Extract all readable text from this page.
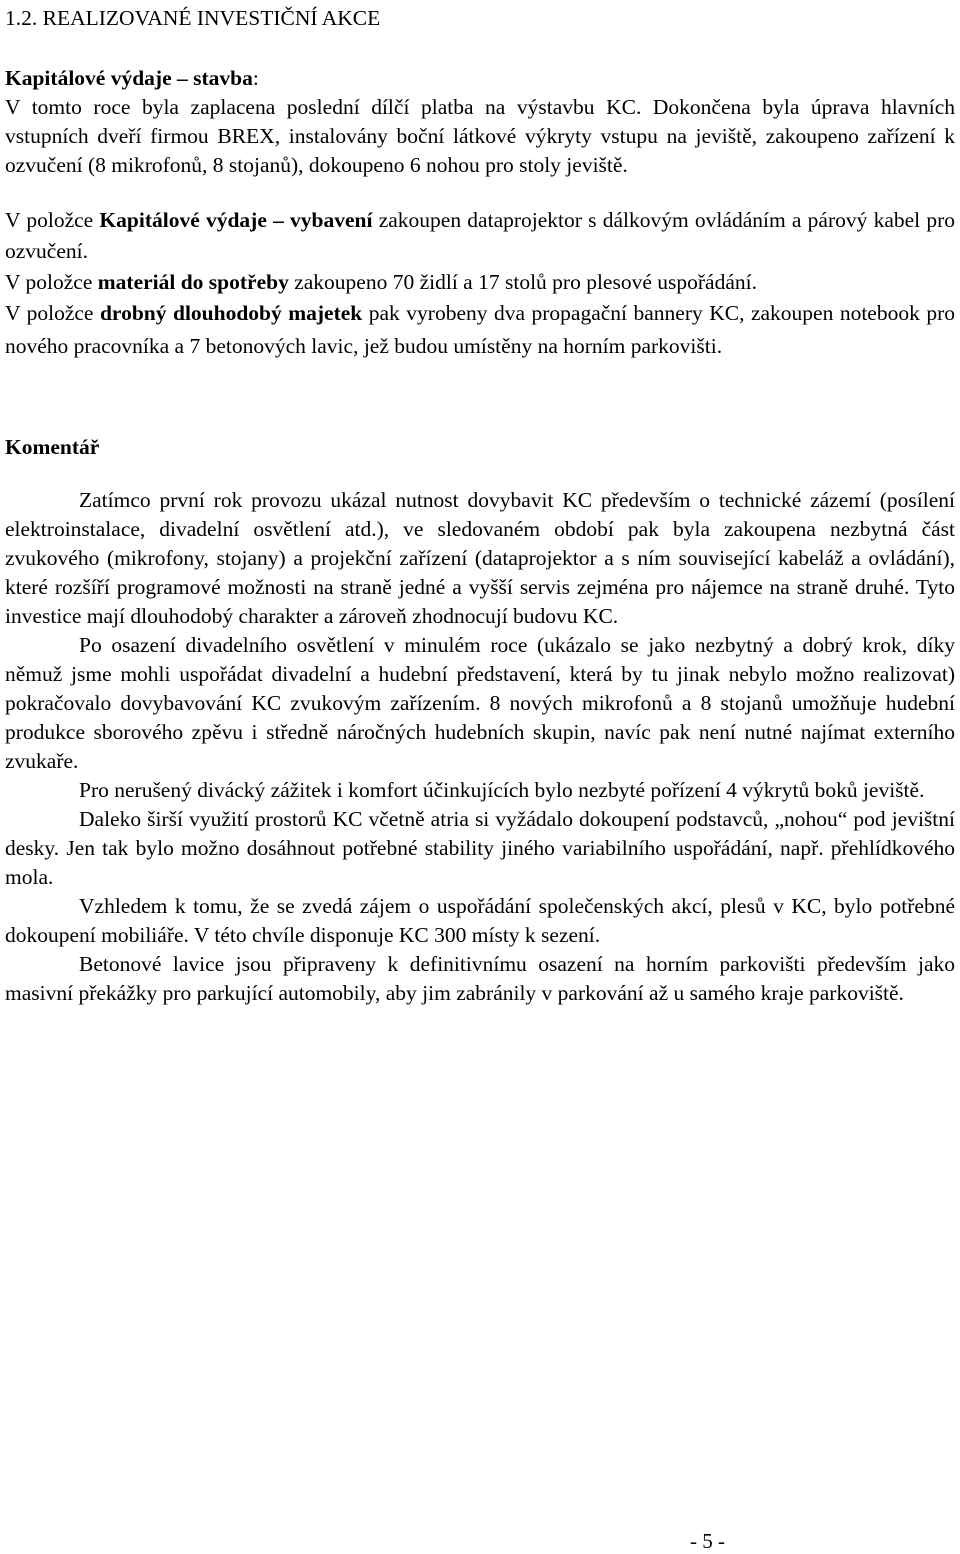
1.2. REALIZOVANÉ INVESTIČNÍ AKCE
Kapitálové výdaje – stavba:
V tomto roce byla zaplacena poslední dílčí platba na výstavbu KC. Dokončena byla úprava hlavních vstupních dveří firmou BREX, instalovány boční látkové výkryty vstupu na jeviště, zakoupeno zařízení k ozvučení (8 mikrofonů, 8 stojanů), dokoupeno 6 nohou pro stoly jeviště.
V položce Kapitálové výdaje – vybavení zakoupen dataprojektor s dálkovým ovládáním a párový kabel pro ozvučení.
V položce materiál do spotřeby zakoupeno 70 židlí a 17 stolů pro plesové uspořádání.
V položce drobný dlouhodobý majetek pak vyrobeny dva propagační bannery KC, zakoupen notebook pro nového pracovníka a 7 betonových lavic, jež budou umístěny na horním parkovišti.
Komentář

Zatímco první rok provozu ukázal nutnost dovybavit KC především o technické zázemí (posílení elektroinstalace, divadelní osvětlení atd.), ve sledovaném období pak byla zakoupena nezbytná část zvukového (mikrofony, stojany) a projekční zařízení (dataprojektor a s ním související kabeláž a ovládání), které rozšíří programové možnosti na straně jedné a vyšší servis zejména pro nájemce na straně druhé. Tyto investice mají dlouhodobý charakter a zároveň zhodnocují budovu KC.

Po osazení divadelního osvětlení v minulém roce (ukázalo se jako nezbytný a dobrý krok, díky němuž jsme mohli uspořádat divadelní a hudební představení, která by tu jinak nebylo možno realizovat) pokračovalo dovybavování KC zvukovým zařízením. 8 nových mikrofonů a 8 stojanů umožňuje hudební produkce sborového zpěvu i středně náročných hudebních skupin, navíc pak není nutné najímat externího zvukaře.

Pro nerušený divácký zážitek i komfort účinkujících bylo nezbyté pořízení 4 výkrytů boků jeviště.

Daleko širší využití prostorů KC včetně atria si vyžádalo dokoupení podstavců, „nohou“ pod jevištní desky. Jen tak bylo možno dosáhnout potřebné stability jiného variabilního uspořádání, např. přehlídkového mola.

Vzhledem k tomu, že se zvedá zájem o uspořádání společenských akcí, plesů v KC, bylo potřebné dokoupení mobiliáře. V této chvíle disponuje KC 300 místy k sezení.

Betonové lavice jsou připraveny k definitivnímu osazení na horním parkovišti především jako masivní překážky pro parkující automobily, aby jim zabránily v parkování až u samého kraje parkoviště.

- 5 -
